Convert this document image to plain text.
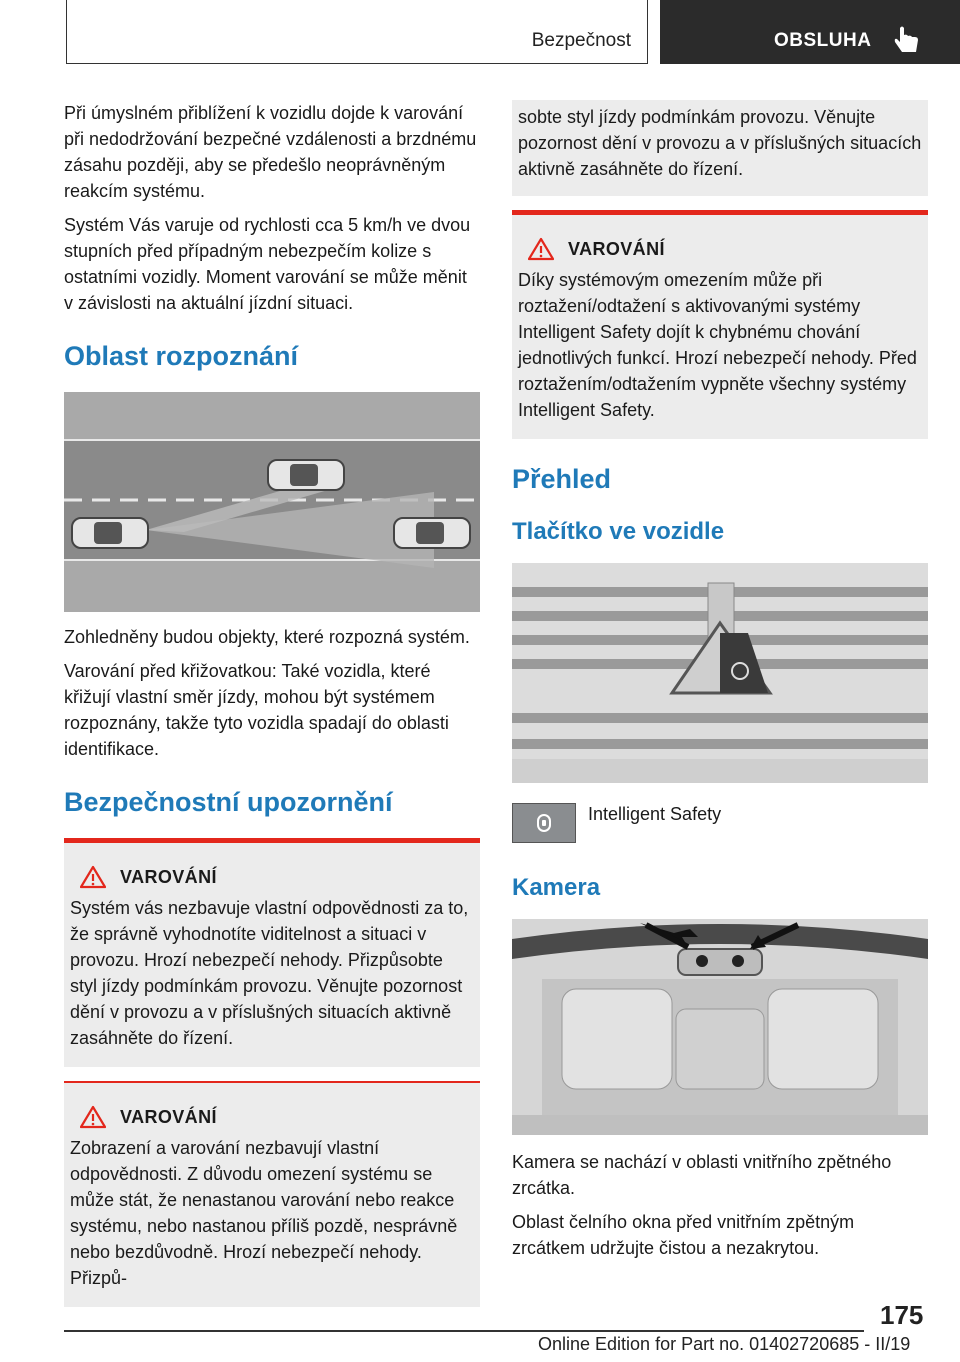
Bezpečnost	OBSLUHA

Při úmyslném přiblížení k vozidlu dojde k varování při nedodržování bezpečné vzdálenosti a brzdnému zásahu později, aby se předešlo neoprávněným reakcím systému.

Systém Vás varuje od rychlosti cca 5 km/h ve dvou stupních před případným nebezpečím kolize s ostatními vozidly. Moment varování se může měnit v závislosti na aktuální jízdní situaci.

Oblast rozpoznání

Zohledněny budou objekty, které rozpozná systém.

Varování před křižovatkou: Také vozidla, které křižují vlastní směr jízdy, mohou být systémem rozpoznány, takže tyto vozidla spadají do oblasti identifikace.

Bezpečnostní upozornění
VAROVÁNÍ

Systém vás nezbavuje vlastní odpovědnosti za to, že správně vyhodnotíte viditelnost a situaci v provozu. Hrozí nebezpečí nehody. Přizpůsobte styl jízdy podmínkám provozu. Věnujte pozornost dění v provozu a v příslušných situacích aktivně zasáhněte do řízení.

VAROVÁNÍ

Zobrazení a varování nezbavují vlastní odpovědnosti. Z důvodu omezení systému se může stát, že nenastanou varování nebo reakce systému, nebo nastanou příliš pozdě, nesprávně nebo bezdůvodně. Hrozí nebezpečí nehody. Přizpů-

sobte styl jízdy podmínkám provozu. Věnujte pozornost dění v provozu a v příslušných situacích aktivně zasáhněte do řízení.

VAROVÁNÍ

Díky systémovým omezením může při roztažení/odtažení s aktivovanými systémy Intelligent Safety dojít k chybnému chování jednotlivých funkcí. Hrozí nebezpečí nehody. Před roztažením/odtažením vypněte všechny systémy Intelligent Safety.

Přehled
Tlačítko ve vozidle
Intelligent Safety
Kamera

Kamera se nachází v oblasti vnitřního zpětného zrcátka.

Oblast čelního okna před vnitřním zpětným zrcátkem udržujte čistou a nezakrytou.

175
Online Edition for Part no. 01402720685 - II/19
